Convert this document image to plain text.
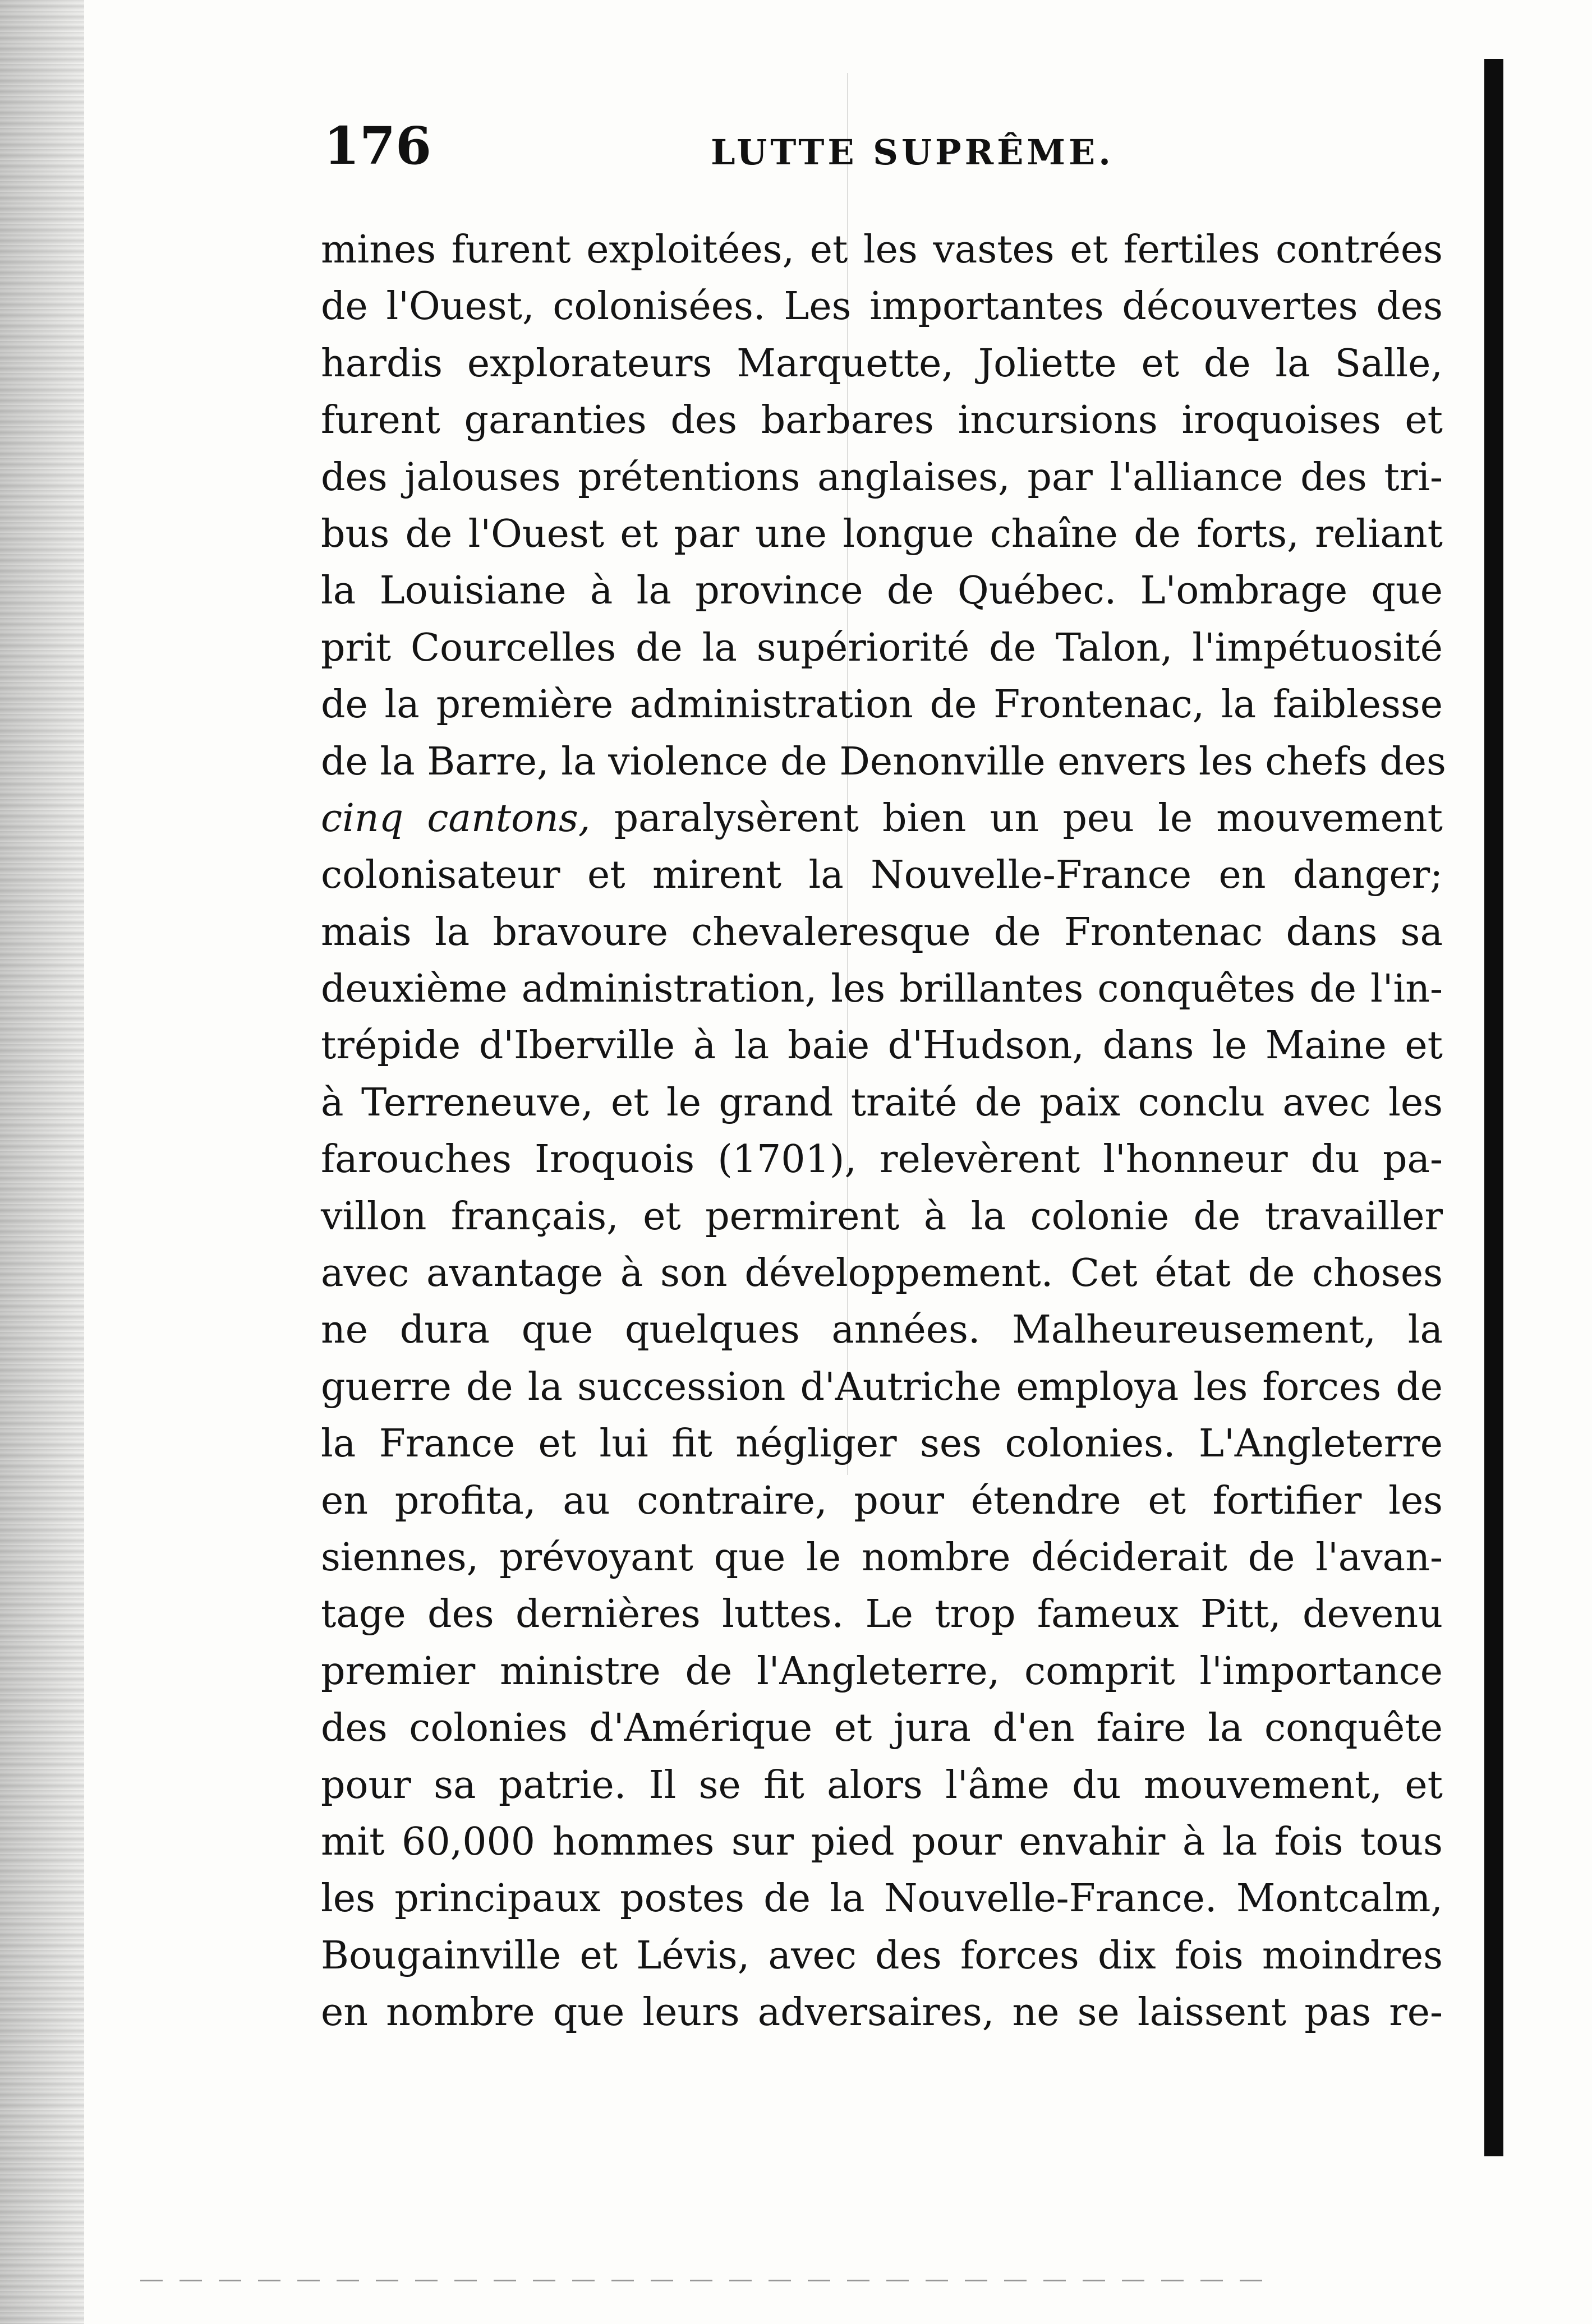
176	LUTTE SUPRÊME.
mines furent exploitées, et les vastes et fertiles contrées
de l'Ouest, colonisées. Les importantes découvertes des
hardis explorateurs Marquette, Joliette et de la Salle,
furent garanties des barbares incursions iroquoises et
des jalouses prétentions anglaises, par l'alliance des tri-
bus de l'Ouest et par une longue chaîne de forts, reliant
la Louisiane à la province de Québec. L'ombrage que
prit Courcelles de la supériorité de Talon, l'impétuosité
de la première administration de Frontenac, la faiblesse
de la Barre, la violence de Denonville envers les chefs des
cinq cantons, paralysèrent bien un peu le mouvement
colonisateur et mirent la Nouvelle-France en danger;
mais la bravoure chevaleresque de Frontenac dans sa
deuxième administration, les brillantes conquêtes de l'in-
trépide d'Iberville à la baie d'Hudson, dans le Maine et
à Terreneuve, et le grand traité de paix conclu avec les
farouches Iroquois (1701), relevèrent l'honneur du pa-
villon français, et permirent à la colonie de travailler
avec avantage à son développement. Cet état de choses
ne dura que quelques années. Malheureusement, la
guerre de la succession d'Autriche employa les forces de
la France et lui fit négliger ses colonies. L'Angleterre
en profita, au contraire, pour étendre et fortifier les
siennes, prévoyant que le nombre déciderait de l'avan-
tage des dernières luttes. Le trop fameux Pitt, devenu
premier ministre de l'Angleterre, comprit l'importance
des colonies d'Amérique et jura d'en faire la conquête
pour sa patrie. Il se fit alors l'âme du mouvement, et
mit 60,000 hommes sur pied pour envahir à la fois tous
les principaux postes de la Nouvelle-France. Montcalm,
Bougainville et Lévis, avec des forces dix fois moindres
en nombre que leurs adversaires, ne se laissent pas re-
